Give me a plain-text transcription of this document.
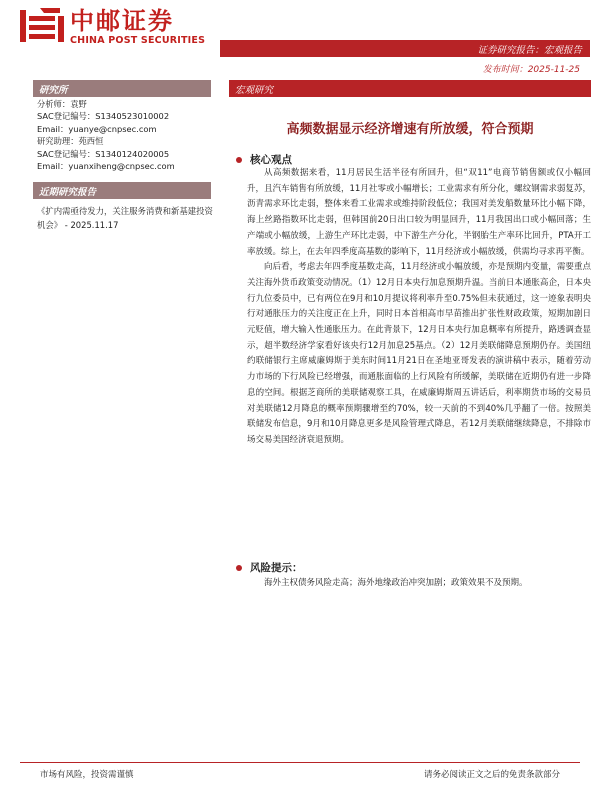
中邮证券
CHINA POST SECURITIES
证券研究报告：宏观报告
发布时间：2025-11-25
研究所
分析师：袁野
SAC登记编号：S1340523010002
Email：yuanye@cnpsec.com
研究助理：苑西恒
SAC登记编号：S1340124020005
Email：yuanxiheng@cnpsec.com
近期研究报告
《扩内需亟待发力，关注服务消费和新基建投资机会》 - 2025.11.17
宏观研究
高频数据显示经济增速有所放缓，符合预期
核心观点

从高频数据来看，11月居民生活半径有所回升，但“双11”电商节销售额或仅小幅回升，且汽车销售有所放缓，11月社零或小幅增长；工业需求有所分化，螺纹钢需求弱复苏，沥青需求环比走弱，整体来看工业需求或维持阶段低位；我国对美发船数量环比小幅下降，海上丝路指数环比走弱，但韩国前20日出口较为明显回升，11月我国出口或小幅回落；生产端或小幅放缓，上游生产环比走弱，中下游生产分化，半钢胎生产率环比回升，PTA开工率放缓。综上，在去年四季度高基数的影响下，11月经济或小幅放缓，供需均寻求再平衡。

向后看，考虑去年四季度基数走高，11月经济或小幅放缓，亦是预期内变量，需要重点关注海外货币政策变动情况。（1）12月日本央行加息预期升温。当前日本通胀高企，日本央行九位委员中，已有两位在9月和10月提议将利率升至0.75%但未获通过，这一迹象表明央行对通胀压力的关注度正在上升，同时日本首相高市早苗推出扩张性财政政策，短期加剧日元贬值，增大输入性通胀压力。在此背景下，12月日本央行加息概率有所提升，路透调查显示，超半数经济学家看好该央行12月加息25基点。（2）12月美联储降息预期仍存。美国纽约联储银行主席威廉姆斯于美东时间11月21日在圣地亚哥发表的演讲稿中表示，随着劳动力市场的下行风险已经增强，而通胀面临的上行风险有所缓解，美联储在近期仍有进一步降息的空间。根据芝商所的美联储观察工具，在威廉姆斯周五讲话后，利率期货市场的交易员对美联储12月降息的概率预期骤增至约70%，较一天前的不到40%几乎翻了一倍。按照美联储发布信息，9月和10月降息更多是风险管理式降息，若12月美联储继续降息，不排除市场交易美国经济衰退预期。

风险提示：

海外主权债务风险走高；海外地缘政治冲突加剧；政策效果不及预期。

市场有风险，投资需谨慎	请务必阅读正文之后的免责条款部分
